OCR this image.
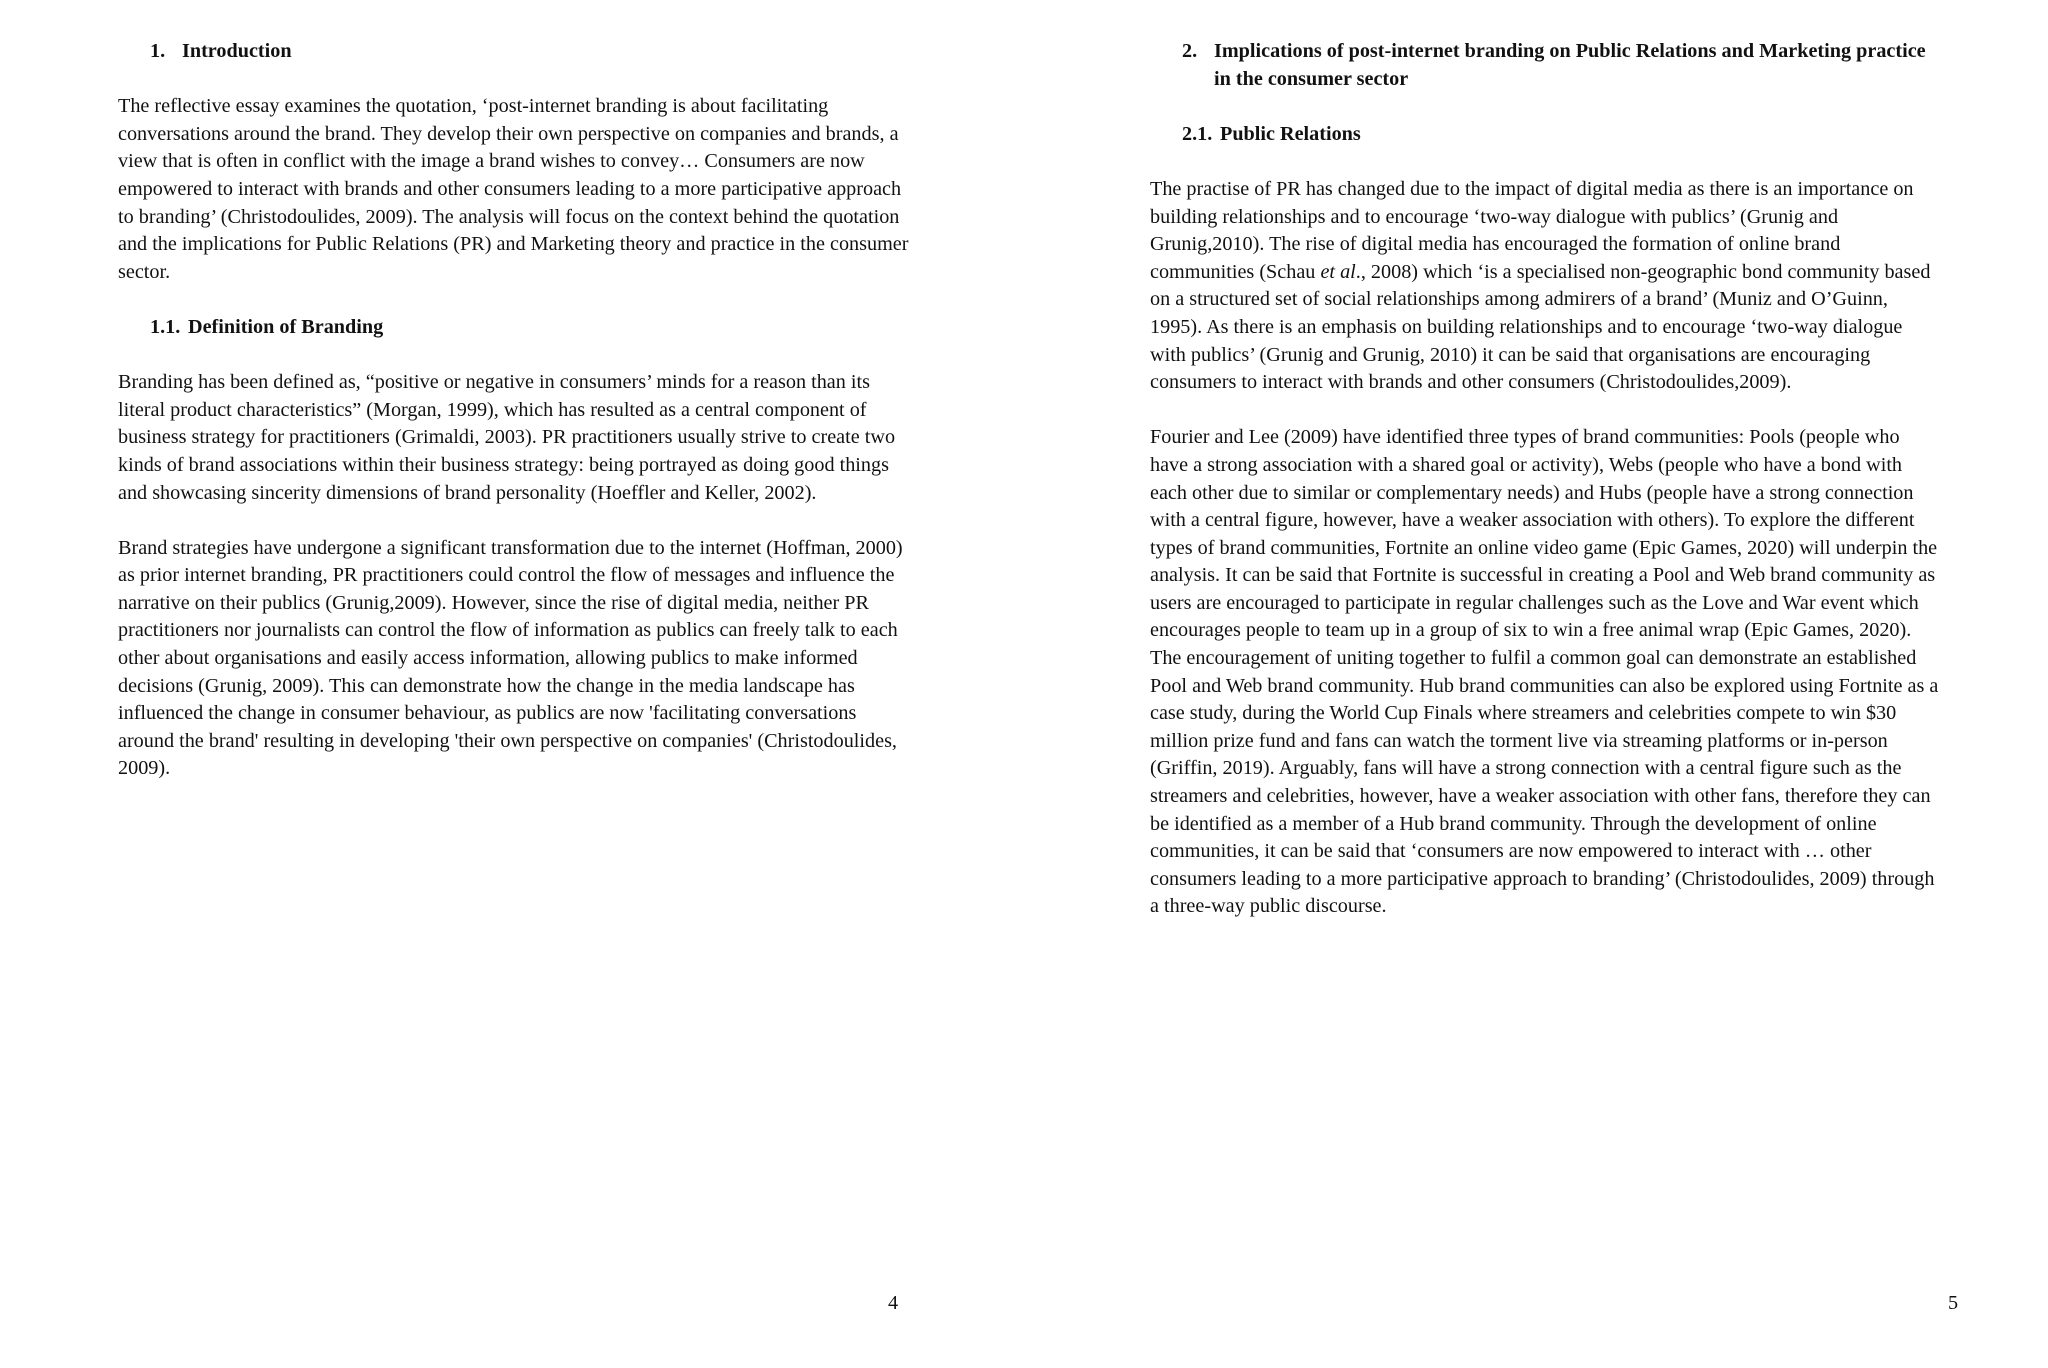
1. Introduction

The reflective essay examines the quotation, ‘post-internet branding is about facilitating conversations around the brand. They develop their own perspective on companies and brands, a view that is often in conflict with the image a brand wishes to convey… Consumers are now empowered to interact with brands and other consumers leading to a more participative approach to branding’ (Christodoulides, 2009). The analysis will focus on the context behind the quotation and the implications for Public Relations (PR) and Marketing theory and practice in the consumer sector.

1.1. Definition of Branding

Branding has been defined as, “positive or negative in consumers’ minds for a reason than its literal product characteristics” (Morgan, 1999), which has resulted as a central component of business strategy for practitioners (Grimaldi, 2003). PR practitioners usually strive to create two kinds of brand associations within their business strategy: being portrayed as doing good things and showcasing sincerity dimensions of brand personality (Hoeffler and Keller, 2002).

Brand strategies have undergone a significant transformation due to the internet (Hoffman, 2000) as prior internet branding, PR practitioners could control the flow of messages and influence the narrative on their publics (Grunig,2009). However, since the rise of digital media, neither PR practitioners nor journalists can control the flow of information as publics can freely talk to each other about organisations and easily access information, allowing publics to make informed decisions (Grunig, 2009). This can demonstrate how the change in the media landscape has influenced the change in consumer behaviour, as publics are now 'facilitating conversations around the brand' resulting in developing 'their own perspective on companies' (Christodoulides, 2009).

4
2. Implications of post-internet branding on Public Relations and Marketing practice in the consumer sector
2.1. Public Relations

The practise of PR has changed due to the impact of digital media as there is an importance on building relationships and to encourage ‘two-way dialogue with publics’ (Grunig and Grunig,2010). The rise of digital media has encouraged the formation of online brand communities (Schau et al., 2008) which ‘is a specialised non-geographic bond community based on a structured set of social relationships among admirers of a brand’ (Muniz and O’Guinn, 1995). As there is an emphasis on building relationships and to encourage ‘two-way dialogue with publics’ (Grunig and Grunig, 2010) it can be said that organisations are encouraging consumers to interact with brands and other consumers (Christodoulides,2009).

Fourier and Lee (2009) have identified three types of brand communities: Pools (people who have a strong association with a shared goal or activity), Webs (people who have a bond with each other due to similar or complementary needs) and Hubs (people have a strong connection with a central figure, however, have a weaker association with others). To explore the different types of brand communities, Fortnite an online video game (Epic Games, 2020) will underpin the analysis. It can be said that Fortnite is successful in creating a Pool and Web brand community as users are encouraged to participate in regular challenges such as the Love and War event which encourages people to team up in a group of six to win a free animal wrap (Epic Games, 2020). The encouragement of uniting together to fulfil a common goal can demonstrate an established Pool and Web brand community. Hub brand communities can also be explored using Fortnite as a case study, during the World Cup Finals where streamers and celebrities compete to win $30 million prize fund and fans can watch the torment live via streaming platforms or in-person (Griffin, 2019). Arguably, fans will have a strong connection with a central figure such as the streamers and celebrities, however, have a weaker association with other fans, therefore they can be identified as a member of a Hub brand community. Through the development of online communities, it can be said that ‘consumers are now empowered to interact with … other consumers leading to a more participative approach to branding’ (Christodoulides, 2009) through a three-way public discourse.

5
